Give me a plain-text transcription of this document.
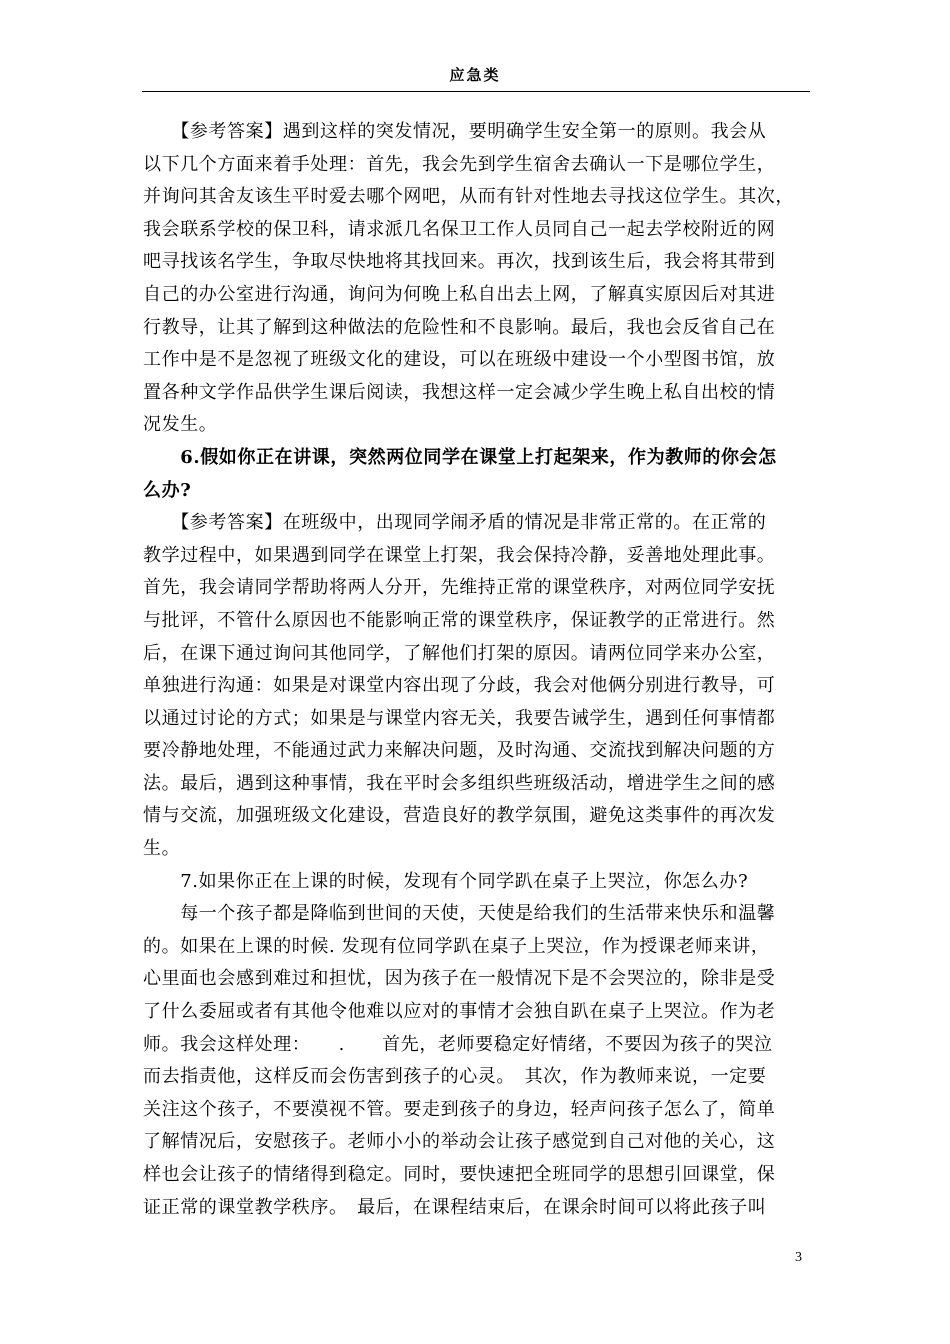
应急类
　　【参考答案】遇到这样的突发情况，要明确学生安全第一的原则。我会从
以下几个方面来着手处理：首先，我会先到学生宿舍去确认一下是哪位学生，
并询问其舍友该生平时爱去哪个网吧，从而有针对性地去寻找这位学生。其次，
我会联系学校的保卫科，请求派几名保卫工作人员同自己一起去学校附近的网
吧寻找该名学生，争取尽快地将其找回来。再次，找到该生后，我会将其带到
自己的办公室进行沟通，询问为何晚上私自出去上网，了解真实原因后对其进
行教导，让其了解到这种做法的危险性和不良影响。最后，我也会反省自己在
工作中是不是忽视了班级文化的建设，可以在班级中建设一个小型图书馆，放
置各种文学作品供学生课后阅读，我想这样一定会减少学生晚上私自出校的情
况发生。
　　6.假如你正在讲课，突然两位同学在课堂上打起架来，作为教师的你会怎
么办?
　　【参考答案】在班级中，出现同学闹矛盾的情况是非常正常的。在正常的
教学过程中，如果遇到同学在课堂上打架，我会保持冷静，妥善地处理此事。
首先，我会请同学帮助将两人分开，先维持正常的课堂秩序，对两位同学安抚
与批评，不管什么原因也不能影响正常的课堂秩序，保证教学的正常进行。然
后，在课下通过询问其他同学，了解他们打架的原因。请两位同学来办公室，
单独进行沟通：如果是对课堂内容出现了分歧，我会对他俩分别进行教导，可
以通过讨论的方式；如果是与课堂内容无关，我要告诫学生，遇到任何事情都
要冷静地处理，不能通过武力来解决问题，及时沟通、交流找到解决问题的方
法。最后，遇到这种事情，我在平时会多组织些班级活动，增进学生之间的感
情与交流，加强班级文化建设，营造良好的教学氛围，避免这类事件的再次发
生。
　　7.如果你正在上课的时候，发现有个同学趴在桌子上哭泣，你怎么办?
　　每一个孩子都是降临到世间的天使，天使是给我们的生活带来快乐和温馨
的。如果在上课的时候. 发现有位同学趴在桌子上哭泣，作为授课老师来讲，
心里面也会感到难过和担忧，因为孩子在一般情况下是不会哭泣的，除非是受
了什么委屈或者有其他令他难以应对的事情才会独自趴在桌子上哭泣。作为老
师。我会这样处理：　　.　　首先，老师要稳定好情绪，不要因为孩子的哭泣
而去指责他，这样反而会伤害到孩子的心灵。　其次，作为教师来说，一定要
关注这个孩子，不要漠视不管。要走到孩子的身边，轻声问孩子怎么了，简单
了解情况后，安慰孩子。老师小小的举动会让孩子感觉到自己对他的关心，这
样也会让孩子的情绪得到稳定。同时，要快速把全班同学的思想引回课堂，保
证正常的课堂教学秩序。　最后，在课程结束后，在课余时间可以将此孩子叫
3
